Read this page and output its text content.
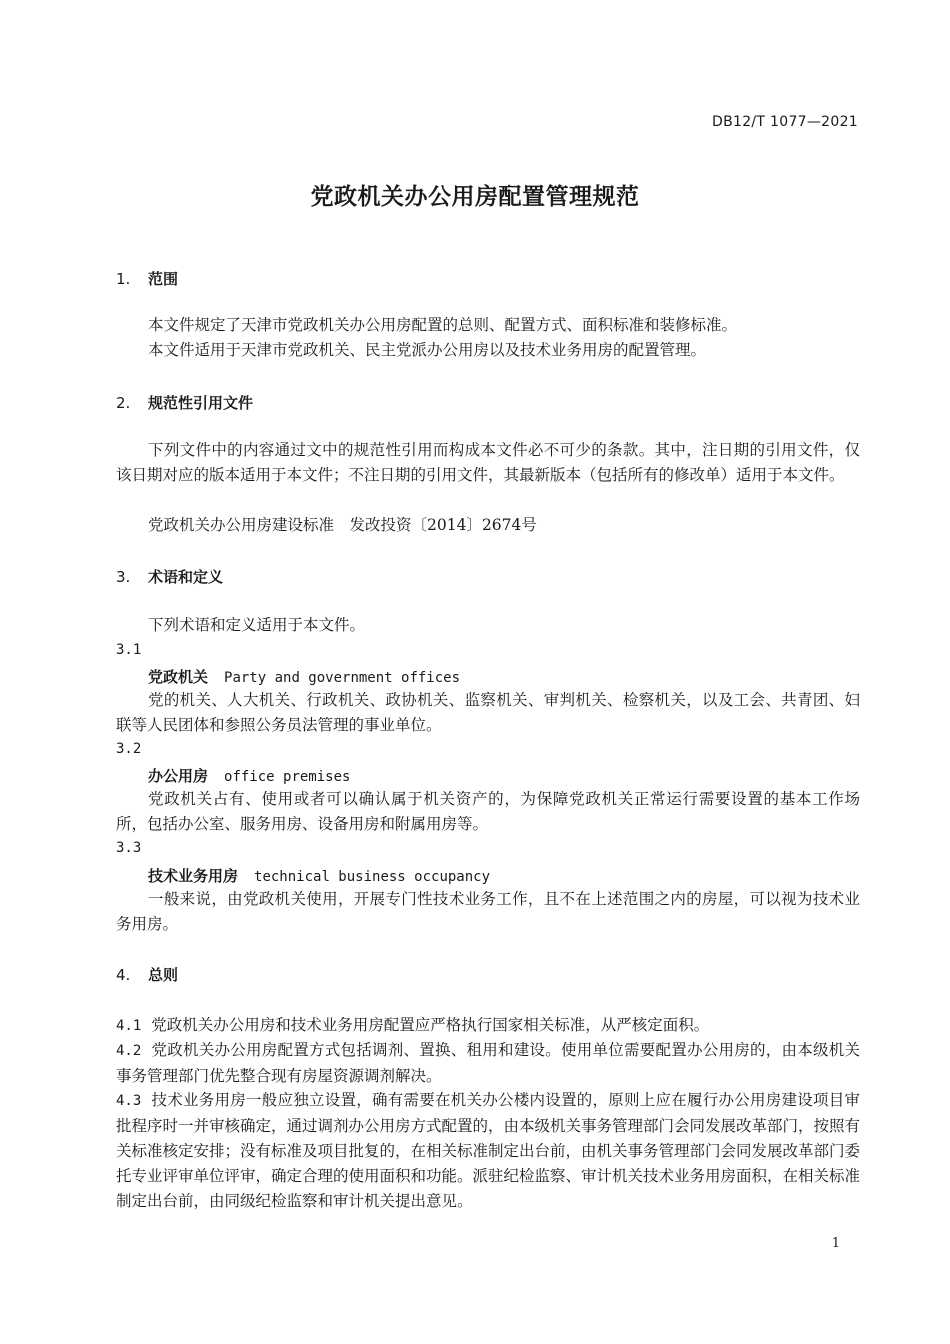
DB12/T 1077—2021
党政机关办公用房配置管理规范
1. 范围
本文件规定了天津市党政机关办公用房配置的总则、配置方式、面积标准和装修标准。
本文件适用于天津市党政机关、民主党派办公用房以及技术业务用房的配置管理。
2. 规范性引用文件
下列文件中的内容通过文中的规范性引用而构成本文件必不可少的条款。其中，注日期的引用文件，仅该日期对应的版本适用于本文件；不注日期的引用文件，其最新版本（包括所有的修改单）适用于本文件。
党政机关办公用房建设标准　发改投资〔2014〕2674号
3. 术语和定义
下列术语和定义适用于本文件。
3.1
党政机关 Party and government offices
党的机关、人大机关、行政机关、政协机关、监察机关、审判机关、检察机关，以及工会、共青团、妇联等人民团体和参照公务员法管理的事业单位。
3.2
办公用房 office premises
党政机关占有、使用或者可以确认属于机关资产的，为保障党政机关正常运行需要设置的基本工作场所，包括办公室、服务用房、设备用房和附属用房等。
3.3
技术业务用房 technical business occupancy
一般来说，由党政机关使用，开展专门性技术业务工作，且不在上述范围之内的房屋，可以视为技术业务用房。
4. 总则
4.1 党政机关办公用房和技术业务用房配置应严格执行国家相关标准，从严核定面积。
4.2 党政机关办公用房配置方式包括调剂、置换、租用和建设。使用单位需要配置办公用房的，由本级机关事务管理部门优先整合现有房屋资源调剂解决。
4.3 技术业务用房一般应独立设置，确有需要在机关办公楼内设置的，原则上应在履行办公用房建设项目审批程序时一并审核确定，通过调剂办公用房方式配置的，由本级机关事务管理部门会同发展改革部门，按照有关标准核定安排；没有标准及项目批复的，在相关标准制定出台前，由机关事务管理部门会同发展改革部门委托专业评审单位评审，确定合理的使用面积和功能。派驻纪检监察、审计机关技术业务用房面积，在相关标准制定出台前，由同级纪检监察和审计机关提出意见。
1
